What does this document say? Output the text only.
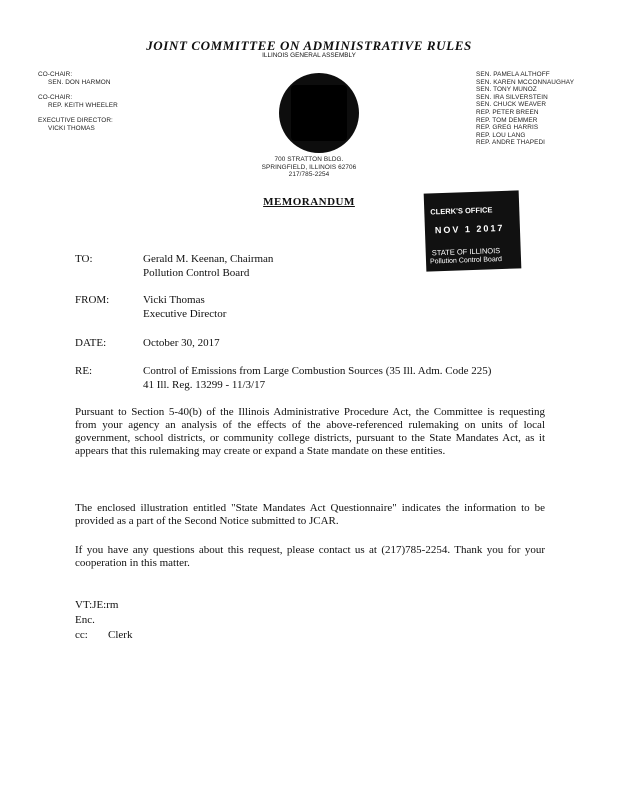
JOINT COMMITTEE ON ADMINISTRATIVE RULES
ILLINOIS GENERAL ASSEMBLY
CO-CHAIR:
SEN. DON HARMON
CO-CHAIR:
REP. KEITH WHEELER
EXECUTIVE DIRECTOR:
VICKI THOMAS
SEN. PAMELA ALTHOFF
SEN. KAREN MCCONNAUGHAY
SEN. TONY MUNOZ
SEN. IRA SILVERSTEIN
SEN. CHUCK WEAVER
REP. PETER BREEN
REP. TOM DEMMER
REP. GREG HARRIS
REP. LOU LANG
REP. ANDRE THAPEDI
700 STRATTON BLDG.
SPRINGFIELD, ILLINOIS 62706
217/785-2254
CLERK'S OFFICE
NOV 1 2017
STATE OF ILLINOIS
Pollution Control Board
MEMORANDUM
TO:	Gerald M. Keenan, Chairman
Pollution Control Board
FROM:	Vicki Thomas
Executive Director
DATE:	October 30, 2017
RE:	Control of Emissions from Large Combustion Sources (35 Ill. Adm. Code 225)
41 Ill. Reg. 13299 - 11/3/17
Pursuant to Section 5-40(b) of the Illinois Administrative Procedure Act, the Committee is requesting from your agency an analysis of the effects of the above-referenced rulemaking on units of local government, school districts, or community college districts, pursuant to the State Mandates Act, as it appears that this rulemaking may create or expand a State mandate on these entities.
The enclosed illustration entitled "State Mandates Act Questionnaire" indicates the information to be provided as a part of the Second Notice submitted to JCAR.
If you have any questions about this request, please contact us at (217)785-2254. Thank you for your cooperation in this matter.
VT:JE:rm
Enc.
cc: Clerk
